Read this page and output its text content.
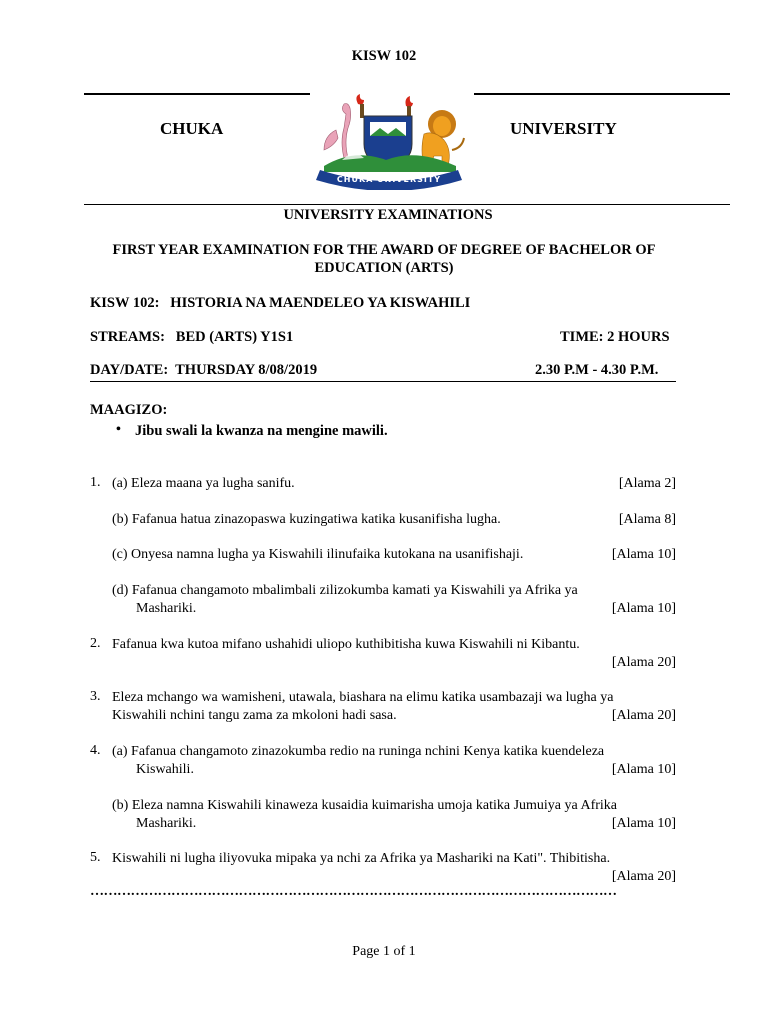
KISW 102
CHUKA	UNIVERSITY
CHUKA UNIVERSITY
UNIVERSITY EXAMINATIONS
FIRST YEAR EXAMINATION FOR THE AWARD OF DEGREE OF BACHELOR OF
EDUCATION (ARTS)
KISW 102:   HISTORIA NA MAENDELEO YA KISWAHILI
STREAMS:   BED (ARTS) Y1S1	TIME: 2 HOURS
DAY/DATE:  THURSDAY 8/08/2019	2.30 P.M - 4.30 P.M.
MAAGIZO:
• Jibu swali la kwanza na mengine mawili.
1. (a) Eleza maana ya lugha sanifu.	[Alama 2]
(b) Fafanua hatua zinazopaswa kuzingatiwa katika kusanifisha lugha.	[Alama 8]
(c) Onyesa namna lugha ya Kiswahili ilinufaika kutokana na usanifishaji.	[Alama 10]
(d) Fafanua changamoto mbalimbali zilizokumba kamati ya Kiswahili ya Afrika ya
Mashariki.	[Alama 10]
2. Fafanua kwa kutoa mifano ushahidi uliopo kuthibitisha kuwa Kiswahili ni Kibantu.
[Alama 20]
3. Eleza mchango wa wamisheni, utawala, biashara na elimu katika usambazaji wa lugha ya
Kiswahili nchini tangu zama za mkoloni hadi sasa.	[Alama 20]
4. (a) Fafanua changamoto zinazokumba redio na runinga nchini Kenya katika kuendeleza
Kiswahili.	[Alama 10]
(b) Eleza namna Kiswahili kinaweza kusaidia kuimarisha umoja katika Jumuiya ya Afrika
Mashariki.	[Alama 10]
5. Kiswahili ni lugha iliyovuka mipaka ya nchi za Afrika ya Mashariki na Kati". Thibitisha.
[Alama 20]
………………………………………………………………………………………………………
Page 1 of 1
